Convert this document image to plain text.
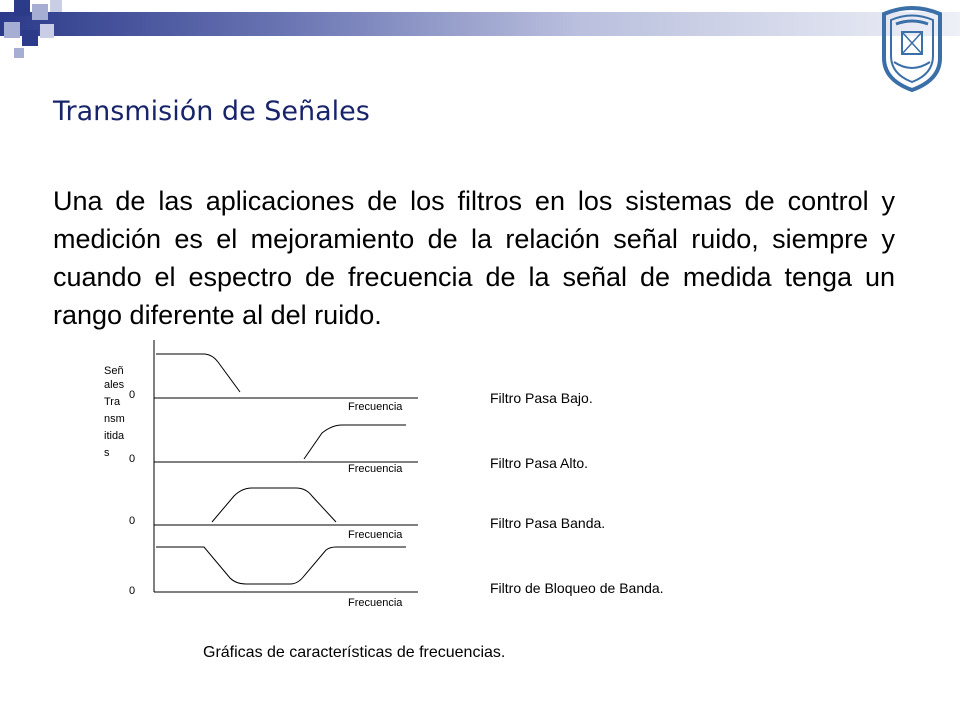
Transmisión de Señales

Una de las aplicaciones de los filtros en los sistemas de control y medición es el mejoramiento de la relación señal ruido, siempre y cuando el espectro de frecuencia de la señal de medida tenga un rango diferente al del ruido.

Señ
ales
Tra
nsm
itida
s
0
0
0
0
Frecuencia
Frecuencia
Frecuencia
Frecuencia
Filtro Pasa Bajo.
Filtro Pasa Alto.
Filtro Pasa Banda.
Filtro de Bloqueo de Banda.
Gráficas de características de frecuencias.
